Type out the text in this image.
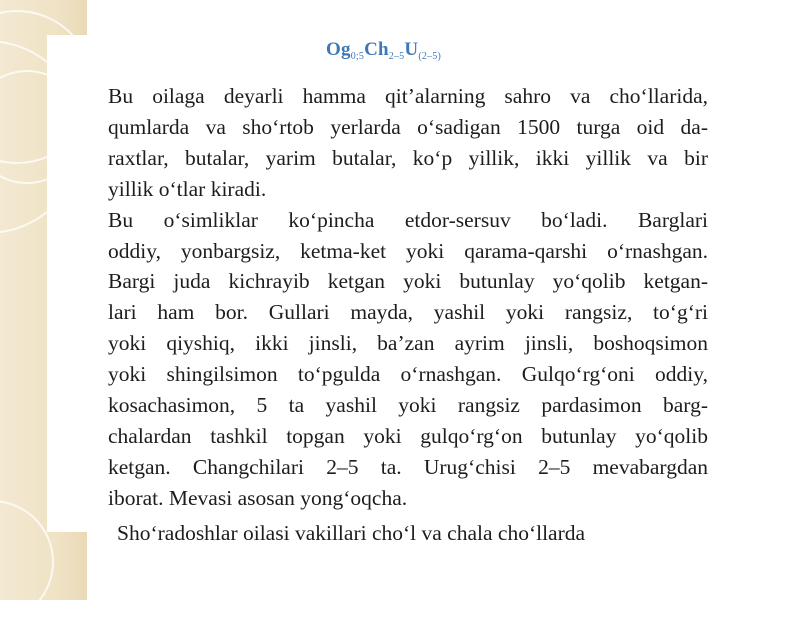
$Og_{0;5}Ch_{2-5}U_{(2-5)}$
Bu oilaga deyarli hamma qit’alarning sahro va cho‘llarida,
qumlarda va sho‘rtob yerlarda o‘sadigan 1500 turga oid da-
raxtlar, butalar, yarim butalar, ko‘p yillik, ikki yillik va bir
yillik o‘tlar kiradi.
Bu o‘simliklar ko‘pincha etdor-sersuv bo‘ladi. Barglari
oddiy, yonbargsiz, ketma-ket yoki qarama-qarshi o‘rnashgan.
Bargi juda kichrayib ketgan yoki butunlay yo‘qolib ketgan-
lari ham bor. Gullari mayda, yashil yoki rangsiz, to‘g‘ri
yoki qiyshiq, ikki jinsli, ba’zan ayrim jinsli, boshoqsimon
yoki shingilsimon to‘pgulda o‘rnashgan. Gulqo‘rg‘oni oddiy,
kosachasimon, 5 ta yashil yoki rangsiz pardasimon barg-
chalardan tashkil topgan yoki gulqo‘rg‘on butunlay yo‘qolib
ketgan. Changchilari 2–5 ta. Urug‘chisi 2–5 mevabargdan
iborat. Mevasi asosan yong‘oqcha.
Sho‘radoshlar oilasi vakillari cho‘l va chala cho‘llarda
